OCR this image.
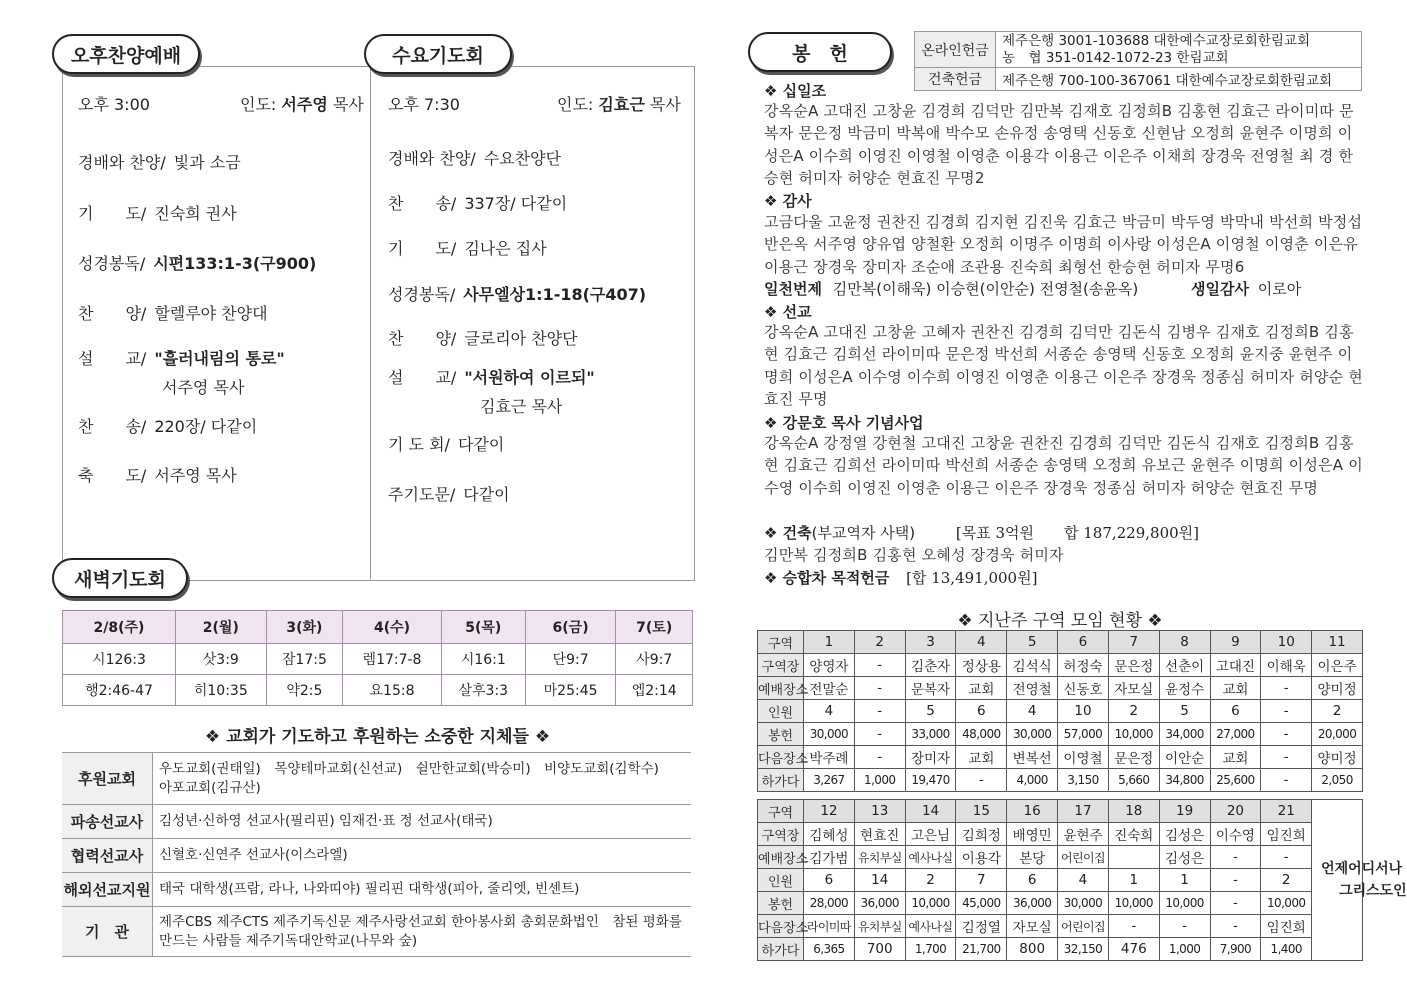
오후찬양예배	수요기도회
오후 3:00	인도: 서주영 목사
경배와 찬양/ 빛과 소금
기　　도/ 진숙희 권사
성경봉독/ 시편133:1-3(구900)
찬　　양/ 할렐루야 찬양대
설　　교/ "흘러내림의 통로"
서주영 목사
찬　　송/ 220장/ 다같이
축　　도/ 서주영 목사
오후 7:30	인도: 김효근 목사
경배와 찬양/ 수요찬양단
찬　　송/ 337장/ 다같이
기　　도/ 김나은 집사
성경봉독/ 사무엘상1:1-18(구407)
찬　　양/ 글로리아 찬양단
설　　교/ "서원하여 이르되"
김효근 목사
기 도 회/ 다같이
주기도문/ 다같이
새벽기도회
2/8(주)	2(월)	3(화)	4(수)	5(목)	6(금)	7(토)
시126:3	삿3:9	잠17:5	렘17:7-8	시16:1	단9:7	사9:7
행2:46-47	히10:35	약2:5	요15:8	살후3:3	마25:45	엡2:14
❖ 교회가 기도하고 후원하는 소중한 지체들 ❖
후원교회	우도교회(권태일)　목양테마교회(신선교)　쉴만한교회(박승미)　비양도교회(김학수)　아포교회(김규산)
파송선교사	김성년·신하영 선교사(필리핀) 임재건·표 정 선교사(태국)
협력선교사	신혈호·신연주 선교사(이스라엘)
해외선교지원	태국 대학생(프람, 라나, 나와띠야) 필리핀 대학생(피아, 줄리엣, 빈센트)
기　관	제주CBS 제주CTS 제주기독신문 제주사랑선교회 한아봉사회 총회문화법인　참된 평화를 만드는 사람들 제주기독대안학교(나무와 숲)
봉　헌	온라인헌금	제주은행 3001-103688 대한예수교장로회한림교회
농　협 351-0142-1072-23 한림교회

건축헌금	제주은행 700-100-367061 대한예수교장로회한림교회
❖ 십일조
강옥순A 고대진 고창윤 김경희 김덕만 김만복 김재호 김정희B 김홍현 김효근 라이미따 문복자 문은정 박금미 박복애 박수모 손유정 송영택 신동호 신현남 오정희 윤현주 이명희 이성은A 이수희 이영진 이영철 이영춘 이용각 이용근 이은주 이채희 장경욱 전영철 최 경 한승현 허미자 허양순 현효진 무명2
❖ 감사
고금다울 고윤정 권찬진 김경희 김지현 김진욱 김효근 박금미 박두영 박막내 박선희 박정섭 반은옥 서주영 양유엽 양철환 오정희 이명주 이명희 이사랑 이성은A 이영철 이영춘 이은유 이용근 장경욱 장미자 조순애 조관용 진숙희 최형선 한승현 허미자 무명6
일천번제 김만복(이해욱) 이승현(이안순) 전영철(송윤옥)	생일감사 이로아
❖ 선교
강옥순A 고대진 고창윤 고혜자 권찬진 김경희 김덕만 김돈식 김병우 김재호 김정희B 김홍현 김효근 김희선 라이미따 문은정 박선희 서종순 송영택 신동호 오정희 윤지중 윤현주 이명희 이성은A 이수영 이수희 이영진 이영춘 이용근 이은주 장경욱 정종심 허미자 허양순 현효진 무명
❖ 강문호 목사 기념사업
강옥순A 강정열 강현철 고대진 고창윤 권찬진 김경희 김덕만 김돈식 김재호 김정희B 김홍현 김효근 김희선 라이미따 박선희 서종순 송영택 오정희 유보근 윤현주 이명희 이성은A 이수영 이수희 이영진 이영춘 이용근 이은주 장경욱 정종심 허미자 허양순 현효진 무명
❖ 건축(부교역자 사택)	[목표 3억원　　합 187,229,800원]
김만복 김정희B 김홍현 오혜성 장경욱 허미자
❖ 승합차 목적헌금 [합 13,491,000원]
❖ 지난주 구역 모임 현황 ❖
구역	1	2	3	4	5	6	7	8	9	10	11
구역장	양영자	-	김춘자	정상용	김석식	허정숙	문은정	선춘이	고대진	이해욱	이은주
예배장소	전말순	-	문복자	교회	전영철	신동호	자모실	윤정수	교회	-	양미정
인원	4	-	5	6	4	10	2	5	6	-	2
봉헌	30,000	-	33,000	48,000	30,000	57,000	10,000	34,000	27,000	-	20,000
다음장소	박주례	-	장미자	교회	변복선	이영철	문은정	이안순	교회	-	양미정
하가다	3,267	1,000	19,470	-	4,000	3,150	5,660	34,800	25,600	-	2,050
구역	12	13	14	15	16	17	18	19	20	21	언제어디서나
그리스도인

구역장	김혜성	현효진	고은님	김희정	배영민	윤현주	진숙희	김성은	이수영	임진희	
예배장소	김가범	유치부실	예사나실	이용각	본당	어린이집		김성은	-	-	
인원	6	14	2	7	6	4	1	1	-	2	
봉헌	28,000	36,000	10,000	45,000	36,000	30,000	10,000	10,000	-	10,000	
다음장소	라이미따	유치부실	예사나실	김정열	자모실	어린이집	-	-	-	임진희	
하가다	6,365	700	1,700	21,700	800	32,150	476	1,000	7,900	1,400	
